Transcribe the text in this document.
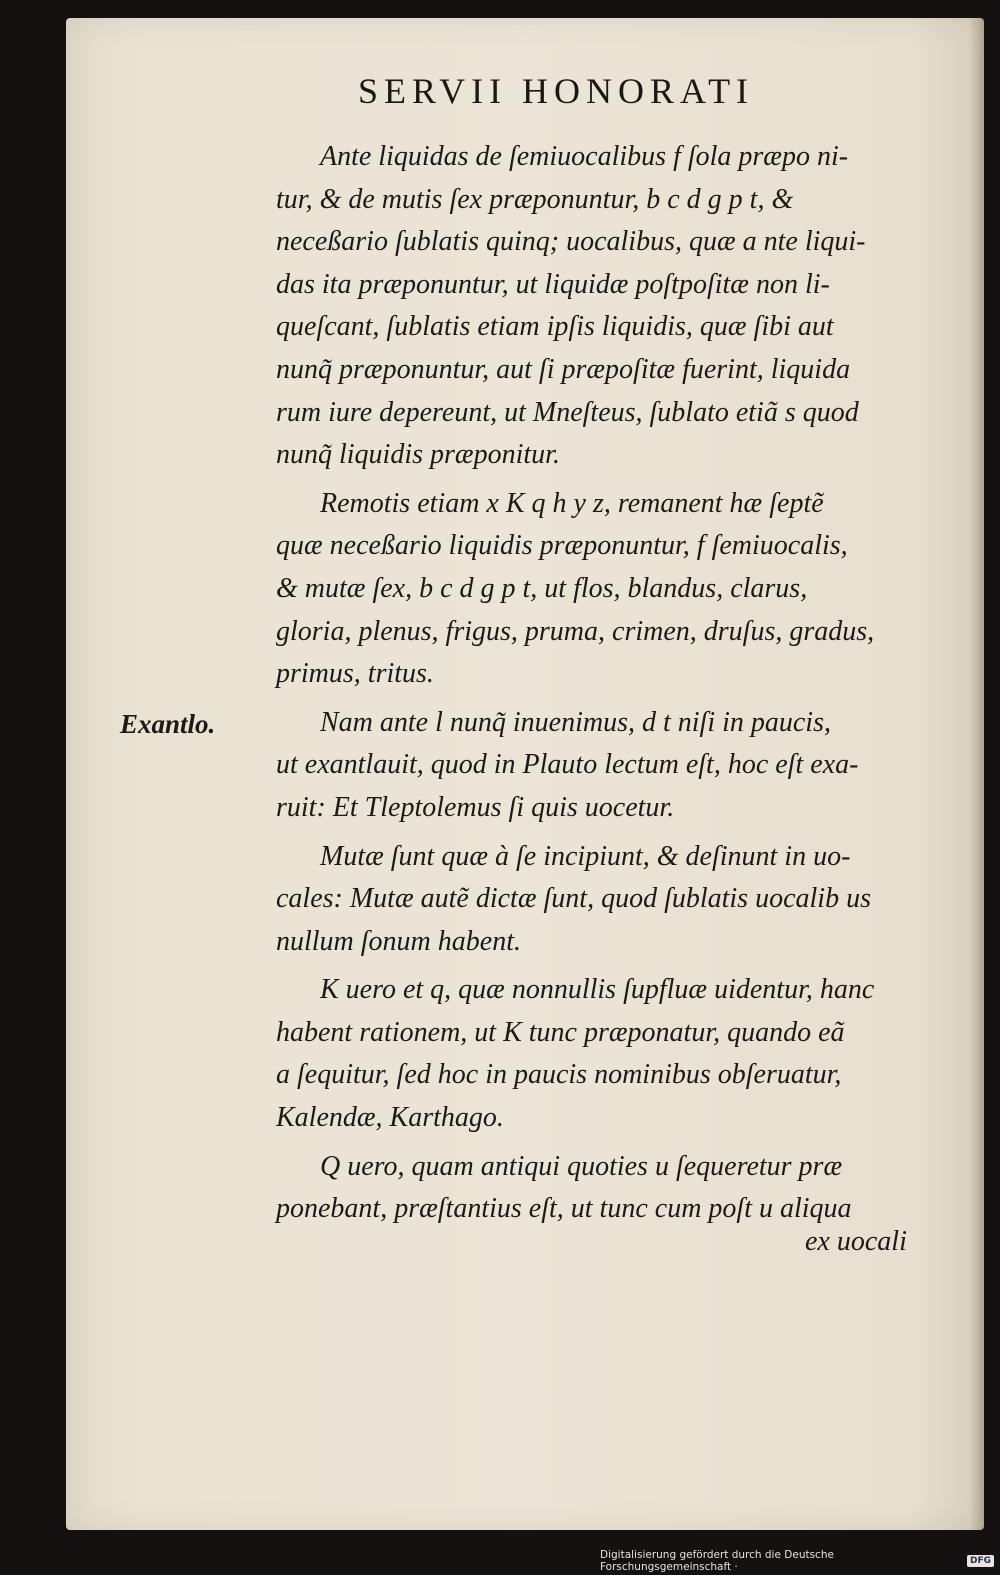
SERVII HONORATI
Exantlo.
Ante liquidas de ſemiuocalibus f ſola præpo ni-
tur, & de mutis ſex præponuntur, b c d g p t, &
neceßario ſublatis quinq; uocalibus, quæ a nte liqui-
das ita præponuntur, ut liquidæ poſtpoſitæ non li-
queſcant, ſublatis etiam ipſis liquidis, quæ ſibi aut
nunq̃ præponuntur, aut ſi præpoſitæ fuerint, liquida
rum iure depereunt, ut Mneſteus, ſublato etiã s quod
nunq̃ liquidis præponitur.
Remotis etiam x K q h y z, remanent hæ ſeptẽ
quæ neceßario liquidis præponuntur, f ſemiuocalis,
& mutæ ſex, b c d g p t, ut flos, blandus, clarus,
gloria, plenus, frigus, pruma, crimen, druſus, gradus,
primus, tritus.
Nam ante l nunq̃ inuenimus, d t niſi in paucis,
ut exantlauit, quod in Plauto lectum eſt, hoc eſt exa-
ruit: Et Tleptolemus ſi quis uocetur.
Mutæ ſunt quæ à ſe incipiunt, & deſinunt in uo-
cales: Mutæ autẽ dictæ ſunt, quod ſublatis uocalib us
nullum ſonum habent.
K uero et q, quæ nonnullis ſupfluæ uidentur, hanc
habent rationem, ut K tunc præponatur, quando eã
a ſequitur, ſed hoc in paucis nominibus obſeruatur,
Kalendæ, Karthago.
Q uero, quam antiqui quoties u ſequeretur præ
ponebant, præſtantius eſt, ut tunc cum poſt u aliqua
ex uocali
Digitalisierung gefördert durch die Deutsche Forschungsgemeinschaft ·	DFG
